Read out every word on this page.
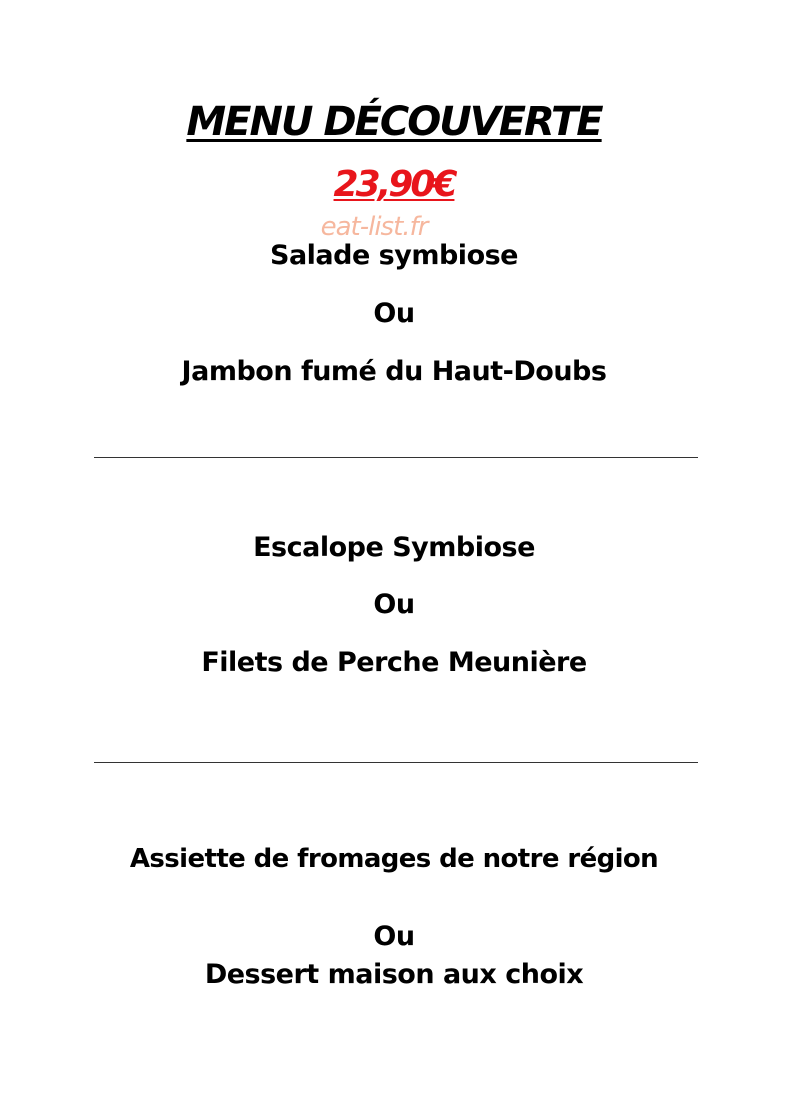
MENU DÉCOUVERTE
23,90€
eat-list.fr
Salade symbiose
Ou
Jambon fumé du Haut-Doubs
Escalope Symbiose
Ou
Filets de Perche Meunière
Assiette de fromages de notre région
Ou
Dessert maison aux choix
